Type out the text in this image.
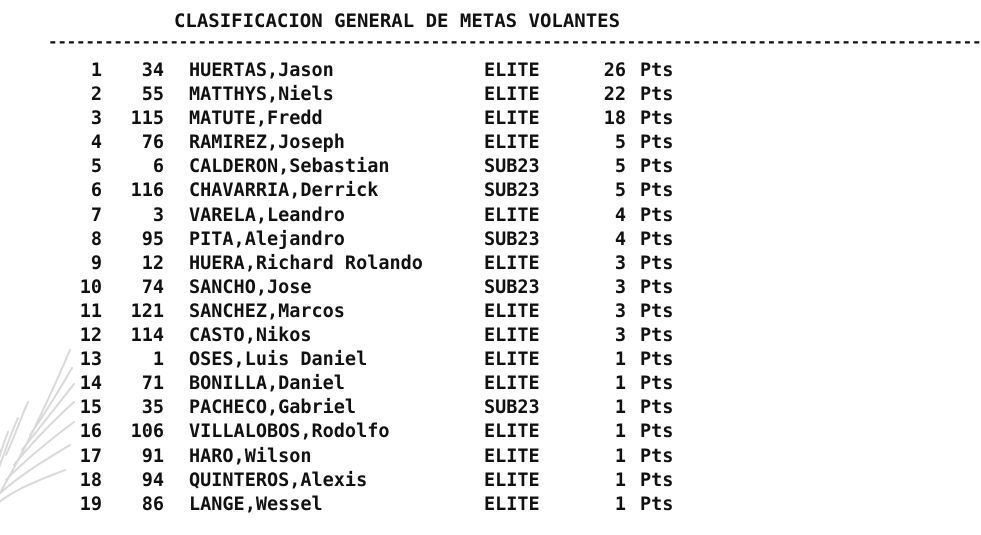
CLASIFICACION GENERAL DE METAS VOLANTES
----------------------------------------------------------------------------------------------------
1	34 HUERTAS,Jason	ELITE	26 Pts
2	55 MATTHYS,Niels	ELITE	22 Pts
3	115 MATUTE,Fredd	ELITE	18 Pts
4	76 RAMIREZ,Joseph	ELITE	5 Pts
5	6 CALDERON,Sebastian	SUB23	5 Pts
6	116 CHAVARRIA,Derrick	SUB23	5 Pts
7	3 VARELA,Leandro	ELITE	4 Pts
8	95 PITA,Alejandro	SUB23	4 Pts
9	12 HUERA,Richard Rolando	ELITE	3 Pts
10	74 SANCHO,Jose	SUB23	3 Pts
11	121 SANCHEZ,Marcos	ELITE	3 Pts
12	114 CASTO,Nikos	ELITE	3 Pts
13	1 OSES,Luis Daniel	ELITE	1 Pts
14	71 BONILLA,Daniel	ELITE	1 Pts
15	35 PACHECO,Gabriel	SUB23	1 Pts
16	106 VILLALOBOS,Rodolfo	ELITE	1 Pts
17	91 HARO,Wilson	ELITE	1 Pts
18	94 QUINTEROS,Alexis	ELITE	1 Pts
19	86 LANGE,Wessel	ELITE	1 Pts
